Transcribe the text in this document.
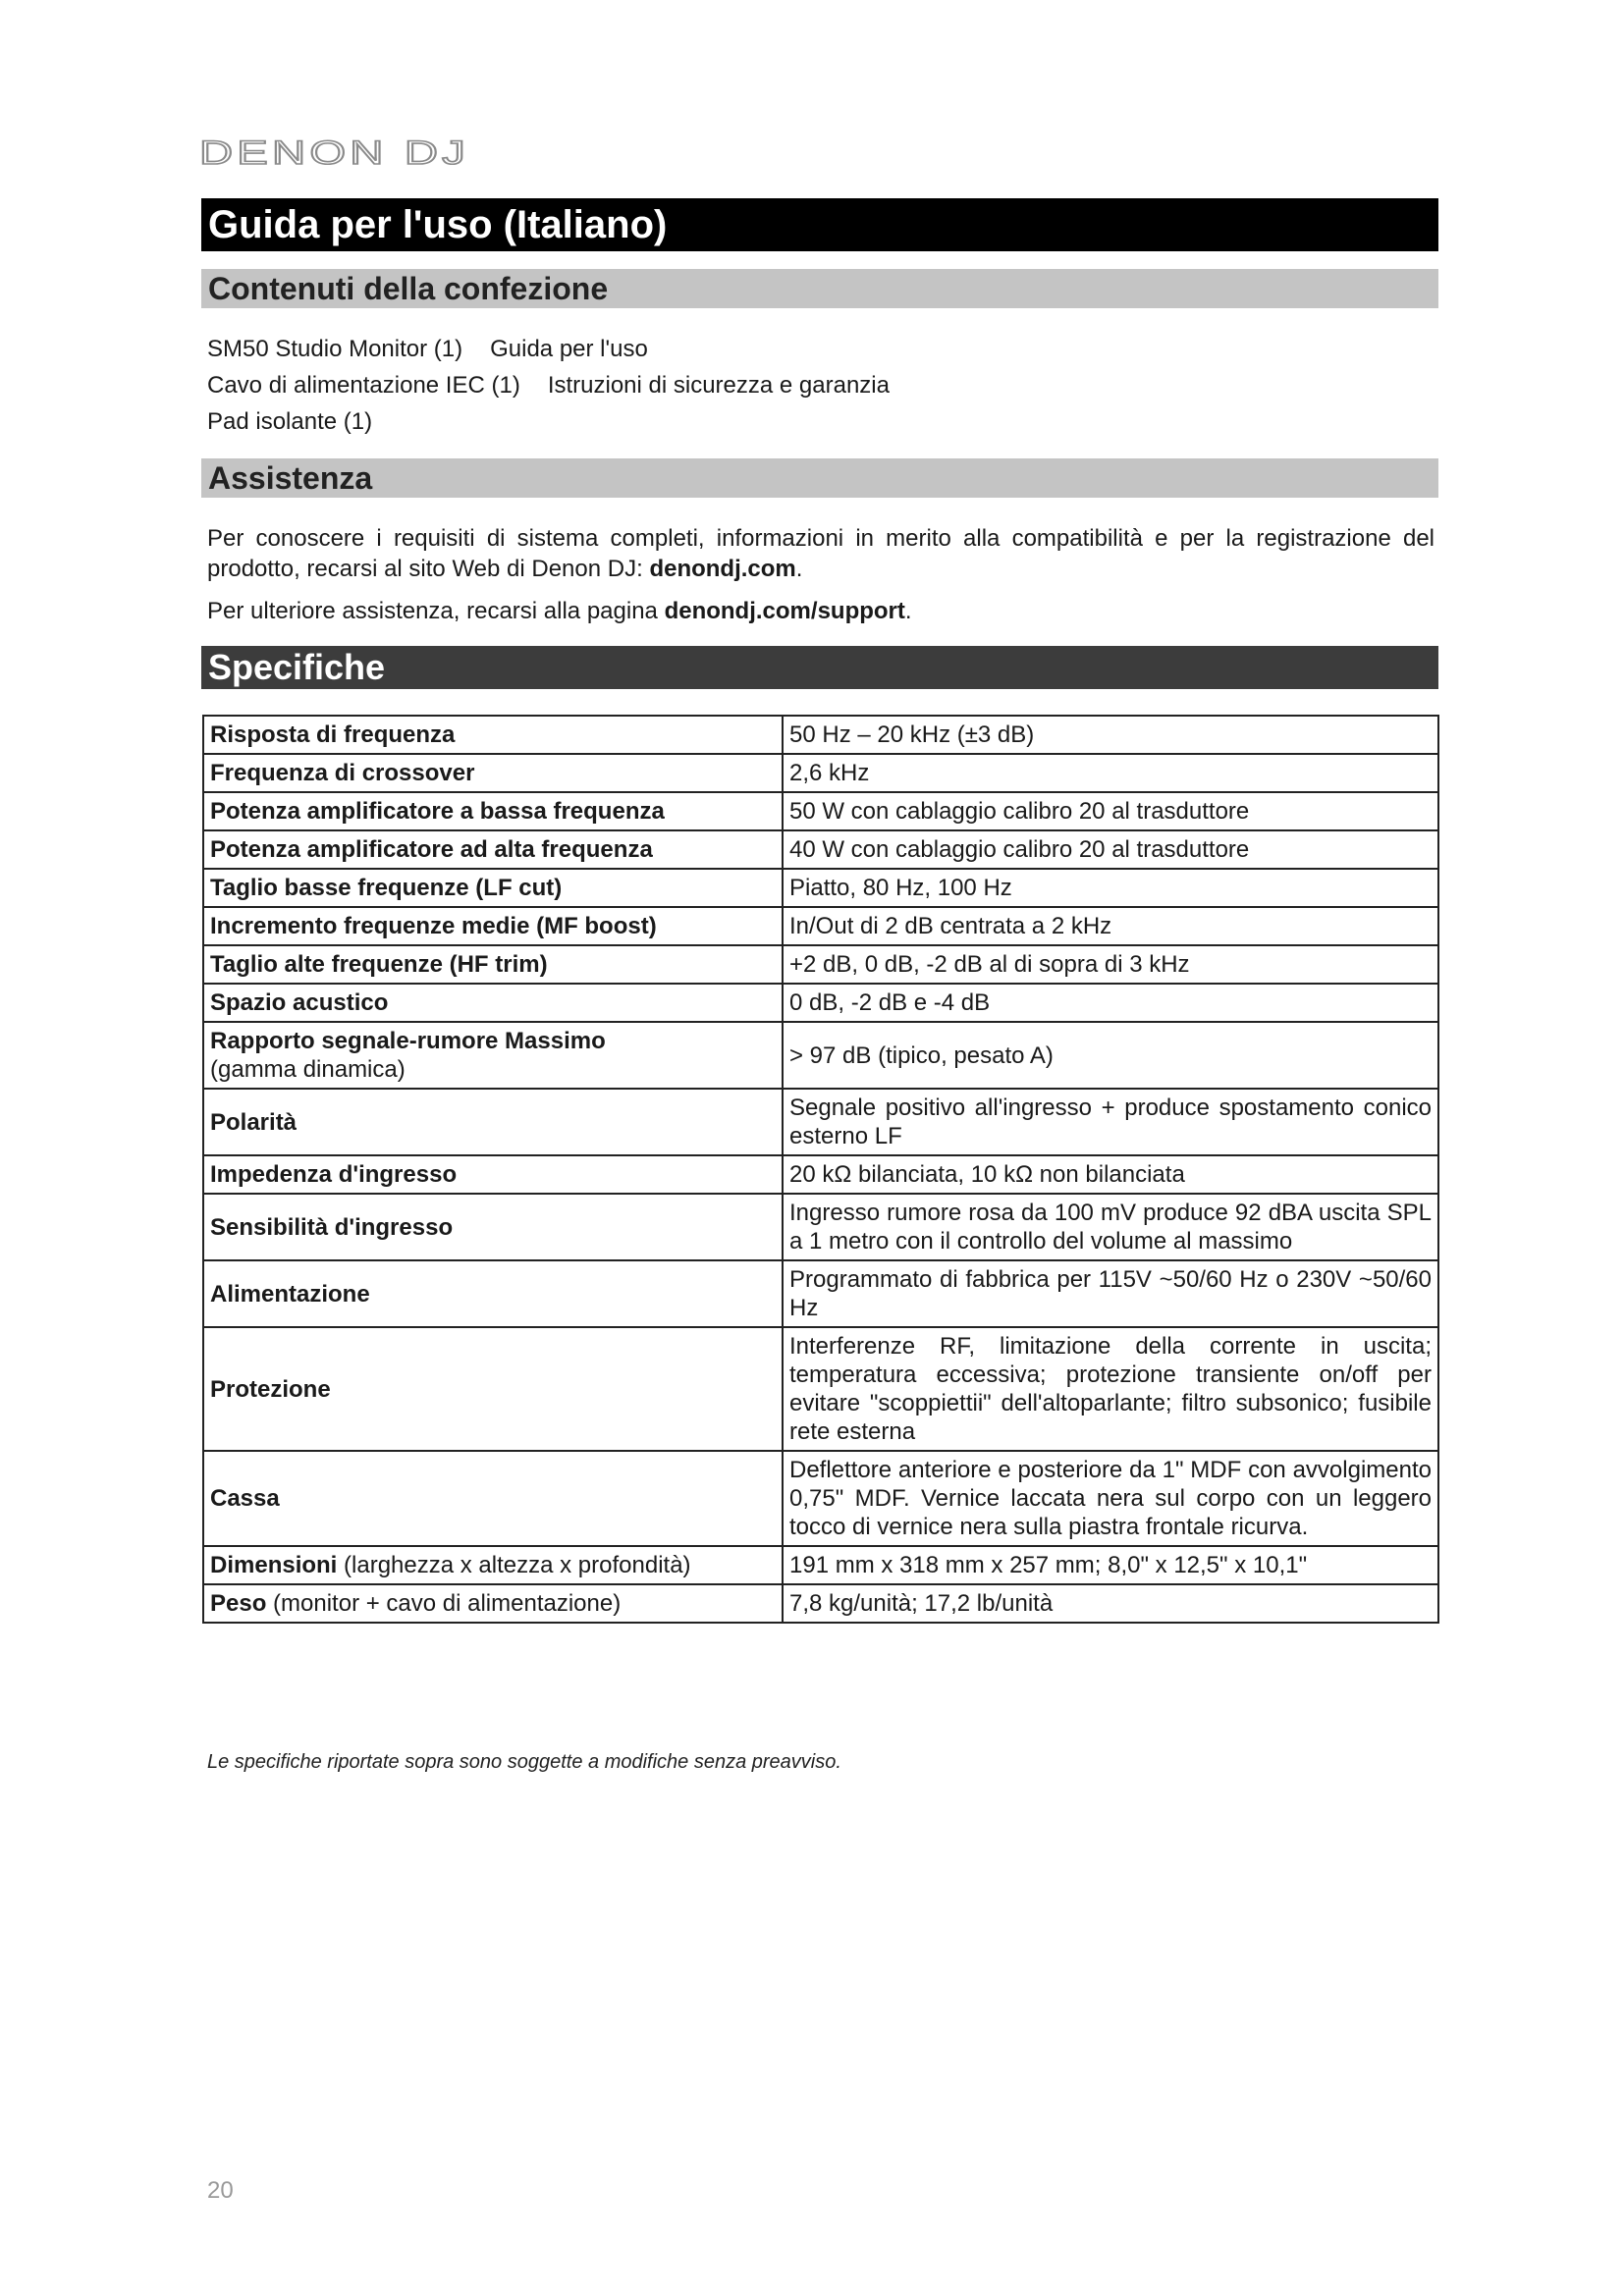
DENON DJ
Guida per l'uso (Italiano)
Contenuti della confezione
SM50 Studio Monitor (1) Guida per l'uso
Cavo di alimentazione IEC (1) Istruzioni di sicurezza e garanzia
Pad isolante (1)
Assistenza
Per conoscere i requisiti di sistema completi, informazioni in merito alla compatibilità e per la registrazione del prodotto, recarsi al sito Web di Denon DJ: denondj.com.
Per ulteriore assistenza, recarsi alla pagina denondj.com/support.
Specifiche
Risposta di frequenza	50 Hz – 20 kHz (±3 dB)
Frequenza di crossover	2,6 kHz
Potenza amplificatore a bassa frequenza	50 W con cablaggio calibro 20 al trasduttore
Potenza amplificatore ad alta frequenza	40 W con cablaggio calibro 20 al trasduttore
Taglio basse frequenze (LF cut)	Piatto, 80 Hz, 100 Hz
Incremento frequenze medie (MF boost)	In/Out di 2 dB centrata a 2 kHz
Taglio alte frequenze (HF trim)	+2 dB, 0 dB, -2 dB al di sopra di 3 kHz
Spazio acustico	0 dB, -2 dB e -4 dB
Rapporto segnale-rumore Massimo
(gamma dinamica)	> 97 dB (tipico, pesato A)
Polarità	Segnale positivo all'ingresso + produce spostamento conico esterno LF
Impedenza d'ingresso	20 kΩ bilanciata, 10 kΩ non bilanciata
Sensibilità d'ingresso	Ingresso rumore rosa da 100 mV produce 92 dBA uscita SPL a 1 metro con il controllo del volume al massimo
Alimentazione	Programmato di fabbrica per 115V ~50/60 Hz o 230V ~50/60 Hz
Protezione	Interferenze RF, limitazione della corrente in uscita; temperatura eccessiva; protezione transiente on/off per evitare "scoppiettii" dell'altoparlante; filtro subsonico; fusibile rete esterna
Cassa	Deflettore anteriore e posteriore da 1" MDF con avvolgimento 0,75" MDF. Vernice laccata nera sul corpo con un leggero tocco di vernice nera sulla piastra frontale ricurva.
Dimensioni (larghezza x altezza x profondità)	191 mm x 318 mm x 257 mm; 8,0" x 12,5" x 10,1"
Peso (monitor + cavo di alimentazione)	7,8 kg/unità; 17,2 lb/unità
Le specifiche riportate sopra sono soggette a modifiche senza preavviso.
20
